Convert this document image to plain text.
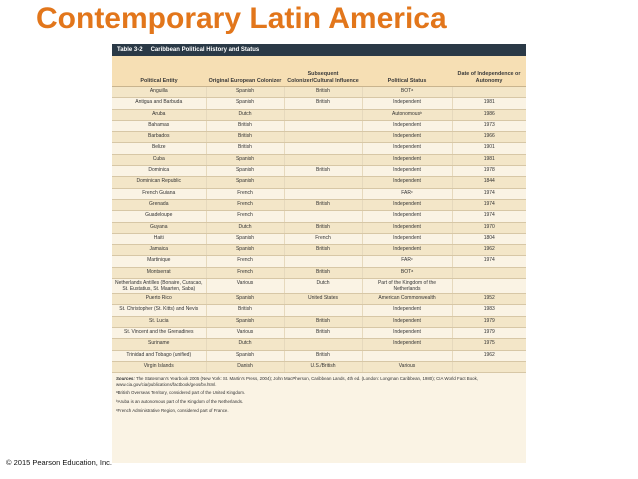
Contemporary Latin America
Table 3-2 Caribbean Political History and Status
Political Entity	Original European Colonizer	Subsequent Colonizer/Cultural Influence	Political Status	Date of Independence or Autonomy
Anguilla	Spanish	British	BOTᵃ	
Antigua and Barbuda	Spanish	British	Independent	1981
Aruba	Dutch		Autonomousᵇ	1986
Bahamas	British		Independent	1973
Barbados	British		Independent	1966
Belize	British		Independent	1901
Cuba	Spanish		Independent	1981
Dominica	Spanish	British	Independent	1978
Dominican Republic	Spanish		Independent	1844
French Guiana	French		FARᶜ	1974
Grenada	French	British	Independent	1974
Guadeloupe	French		Independent	1974
Guyana	Dutch	British	Independent	1970
Haiti	Spanish	French	Independent	1804
Jamaica	Spanish	British	Independent	1962
Martinique	French		FARᶜ	1974
Montserrat	French	British	BOTᵃ	
Netherlands Antilles (Bonaire, Curacao, St. Eustatius, St. Maarten, Saba)	Various	Dutch	Part of the Kingdom of the Netherlands	
Puerto Rico	Spanish	United States	American Commonwealth	1952
St. Christopher (St. Kitts) and Nevis	British		Independent	1983
St. Lucia	Spanish	British	Independent	1979
St. Vincent and the Grenadines	Various	British	Independent	1979
Suriname	Dutch		Independent	1975
Trinidad and Tobago (unified)	Spanish	British		1962
Virgin Islands	Danish	U.S./British	Various	

Sources: The Statesman's Yearbook 2005 (New York: St. Martin's Press, 2004); John MacPherson, Caribbean Lands, 4th ed. (London: Longman Caribbean, 1980); CIA World Fact Book, www.cia.gov/cia/publications/factbook/geos/bv.html.

ᵃBritish Overseas Territory, considered part of the United Kingdom.

ᵇAruba is an autonomous part of the Kingdom of the Netherlands.

ᶜFrench Administrative Region, considered part of France.

© 2015 Pearson Education, Inc.
